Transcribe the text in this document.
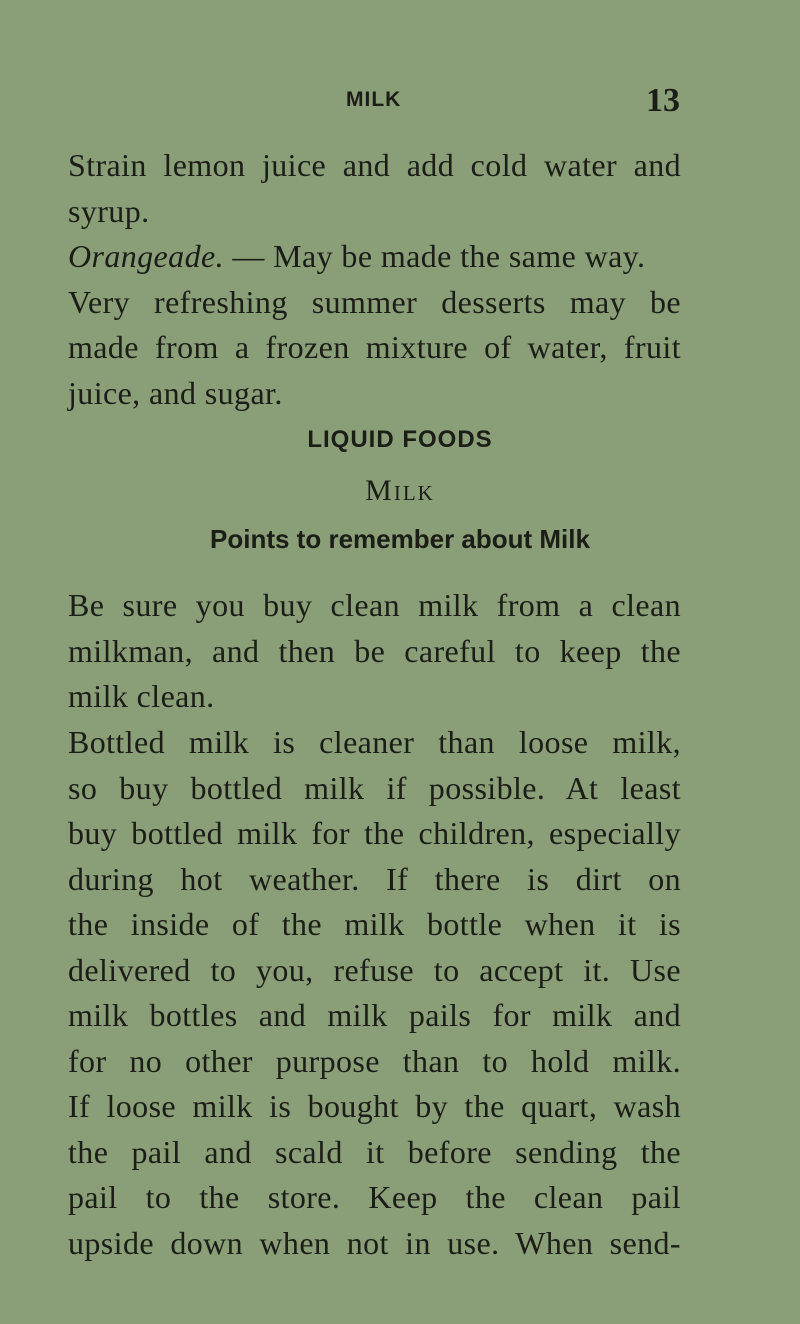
MILK	13
Strain lemon juice and add cold water and
syrup.
Orangeade. — May be made the same way.
Very refreshing summer desserts may be
made from a frozen mixture of water, fruit
juice, and sugar.
LIQUID FOODS
Milk
Points to remember about Milk
Be sure you buy clean milk from a clean
milkman, and then be careful to keep the
milk clean.
Bottled milk is cleaner than loose milk,
so buy bottled milk if possible. At least
buy bottled milk for the children, especially
during hot weather. If there is dirt on
the inside of the milk bottle when it is
delivered to you, refuse to accept it. Use
milk bottles and milk pails for milk and
for no other purpose than to hold milk.
If loose milk is bought by the quart, wash
the pail and scald it before sending the
pail to the store. Keep the clean pail
upside down when not in use. When send-
